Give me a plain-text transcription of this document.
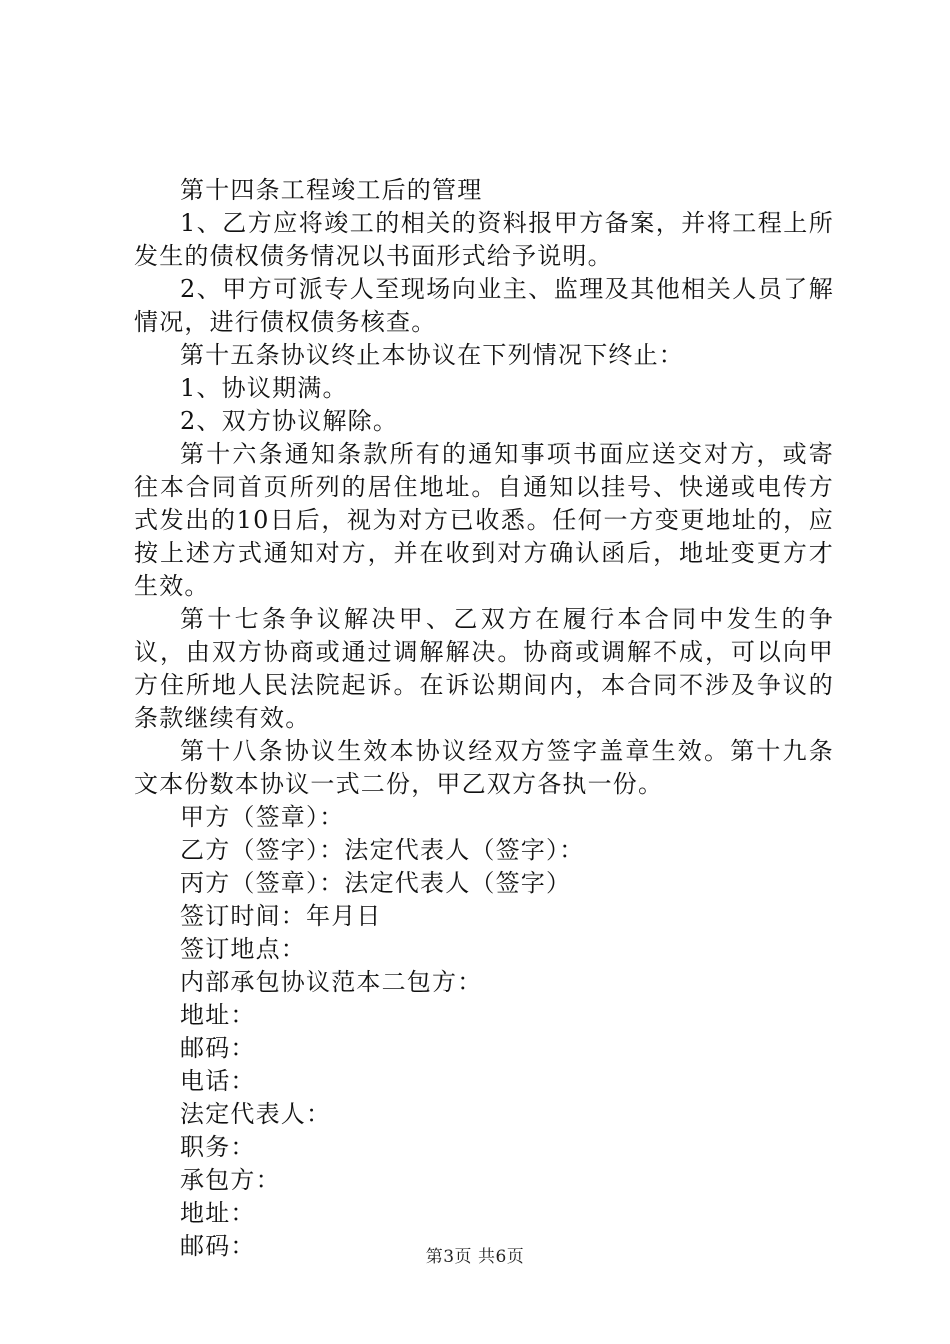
第十四条工程竣工后的管理

1、乙方应将竣工的相关的资料报甲方备案，并将工程上所发生的债权债务情况以书面形式给予说明。

2、甲方可派专人至现场向业主、监理及其他相关人员了解情况，进行债权债务核查。

第十五条协议终止本协议在下列情况下终止：

1、协议期满。

2、双方协议解除。

第十六条通知条款所有的通知事项书面应送交对方，或寄往本合同首页所列的居住地址。自通知以挂号、快递或电传方式发出的10日后，视为对方已收悉。任何一方变更地址的，应按上述方式通知对方，并在收到对方确认函后，地址变更方才生效。

第十七条争议解决甲、乙双方在履行本合同中发生的争议，由双方协商或通过调解解决。协商或调解不成，可以向甲方住所地人民法院起诉。在诉讼期间内，本合同不涉及争议的条款继续有效。

第十八条协议生效本协议经双方签字盖章生效。第十九条文本份数本协议一式二份，甲乙双方各执一份。

甲方（签章）：

乙方（签字）：法定代表人（签字）：

丙方（签章）：法定代表人（签字）

签订时间：年月日

签订地点：

内部承包协议范本二包方：

地址：

邮码：

电话：

法定代表人：

职务：

承包方：

地址：

邮码：	第3页 共6页
